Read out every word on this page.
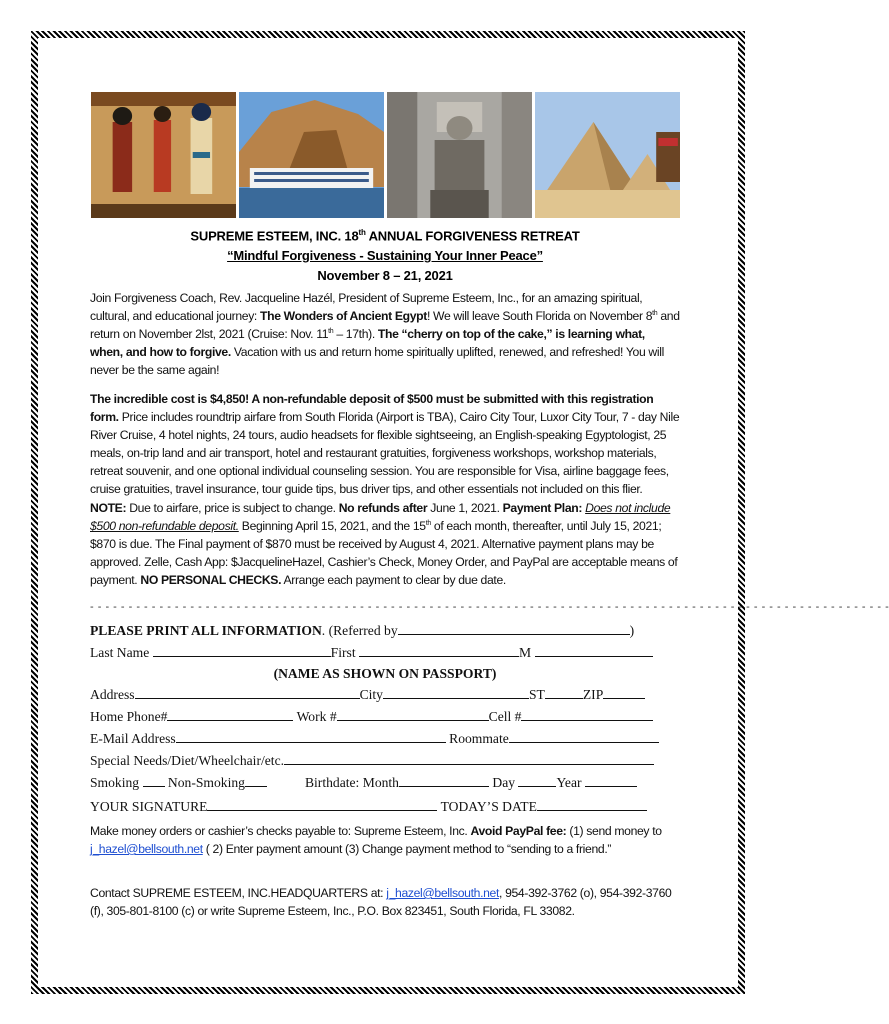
SUPREME ESTEEM, INC. 18th ANNUAL FORGIVENESS RETREAT
“Mindful Forgiveness - Sustaining Your Inner Peace”
November 8 – 21, 2021
Join Forgiveness Coach, Rev. Jacqueline Hazél, President of Supreme Esteem, Inc., for an amazing spiritual, cultural, and educational journey: The Wonders of Ancient Egypt! We will leave South Florida on November 8th and return on November 2lst, 2021 (Cruise: Nov. 11th – 17th). The “cherry on top of the cake,” is learning what, when, and how to forgive. Vacation with us and return home spiritually uplifted, renewed, and refreshed! You will never be the same again!
The incredible cost is $4,850! A non-refundable deposit of $500 must be submitted with this registration form. Price includes roundtrip airfare from South Florida (Airport is TBA), Cairo City Tour, Luxor City Tour, 7 - day Nile River Cruise, 4 hotel nights, 24 tours, audio headsets for flexible sightseeing, an English-speaking Egyptologist, 25 meals, on-trip land and air transport, hotel and restaurant gratuities, forgiveness workshops, workshop materials, retreat souvenir, and one optional individual counseling session. You are responsible for Visa, airline baggage fees, cruise gratuities, travel insurance, tour guide tips, bus driver tips, and other essentials not included on this flier. NOTE: Due to airfare, price is subject to change. No refunds after June 1, 2021. Payment Plan: Does not include $500 non-refundable deposit. Beginning April 15, 2021, and the 15th of each month, thereafter, until July 15, 2021; $870 is due. The Final payment of $870 must be received by August 4, 2021. Alternative payment plans may be approved. Zelle, Cash App: $JacquelineHazel, Cashier’s Check, Money Order, and PayPal are acceptable means of payment. NO PERSONAL CHECKS. Arrange each payment to clear by due date.
- - - - - - - - - - - - - - - - - - - - - - - - - - - - - - - - - - - - - - - - - - - - - - - - - - - - - - - - - - - - - - - - - - - - - - - - - - - - - - - - - - - - - - - - - - - - - - - - - - - - - - - -
PLEASE PRINT ALL INFORMATION. (Referred by	)
Last Name	First	M
(NAME AS SHOWN ON PASSPORT)
Address	City	ST	ZIP
Home Phone#	Work #	Cell #
E-Mail Address	Roommate
Special Needs/Diet/Wheelchair/etc.
Smoking Non-Smoking	Birthdate: Month	Day	Year
YOUR SIGNATURE	TODAY’S DATE
Make money orders or cashier’s checks payable to: Supreme Esteem, Inc. Avoid PayPal fee: (1) send money to j_hazel@bellsouth.net ( 2) Enter payment amount (3) Change payment method to “sending to a friend.”
Contact SUPREME ESTEEM, INC.HEADQUARTERS at: j_hazel@bellsouth.net, 954-392-3762 (o), 954-392-3760 (f), 305-801-8100 (c) or write Supreme Esteem, Inc., P.O. Box 823451, South Florida, FL 33082.
